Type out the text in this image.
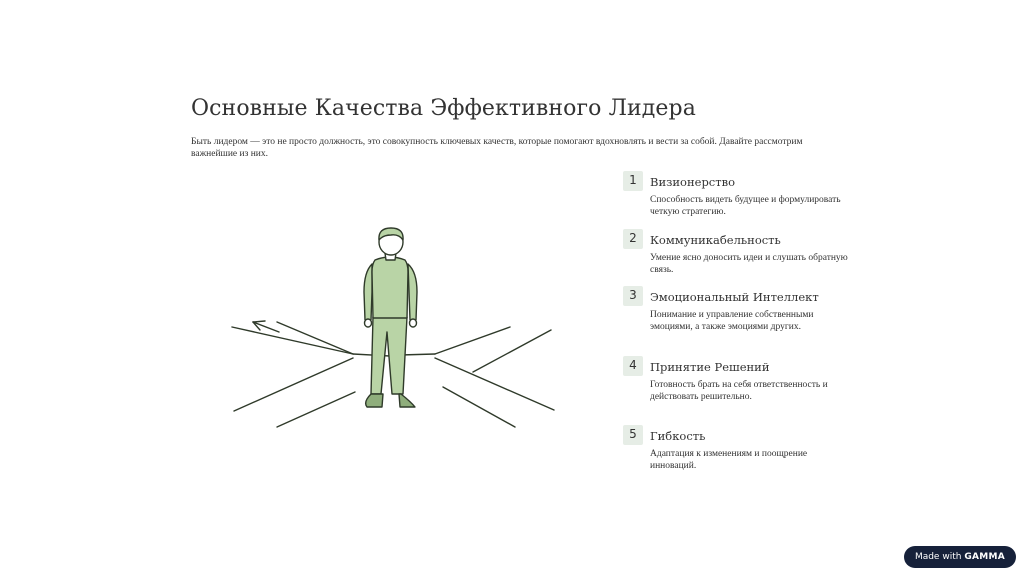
Основные Качества Эффективного Лидера

Быть лидером — это не просто должность, это совокупность ключевых качеств, которые помогают вдохновлять и вести за собой. Давайте рассмотрим важнейшие из них.

1	Визионерство

Способность видеть будущее и формулировать четкую стратегию.

2	Коммуникабельность

Умение ясно доносить идеи и слушать обратную связь.

3	Эмоциональный Интеллект

Понимание и управление собственными эмоциями, а также эмоциями других.

4	Принятие Решений

Готовность брать на себя ответственность и действовать решительно.

5	Гибкость

Адаптация к изменениям и поощрение инноваций.

Made with GAMMA
